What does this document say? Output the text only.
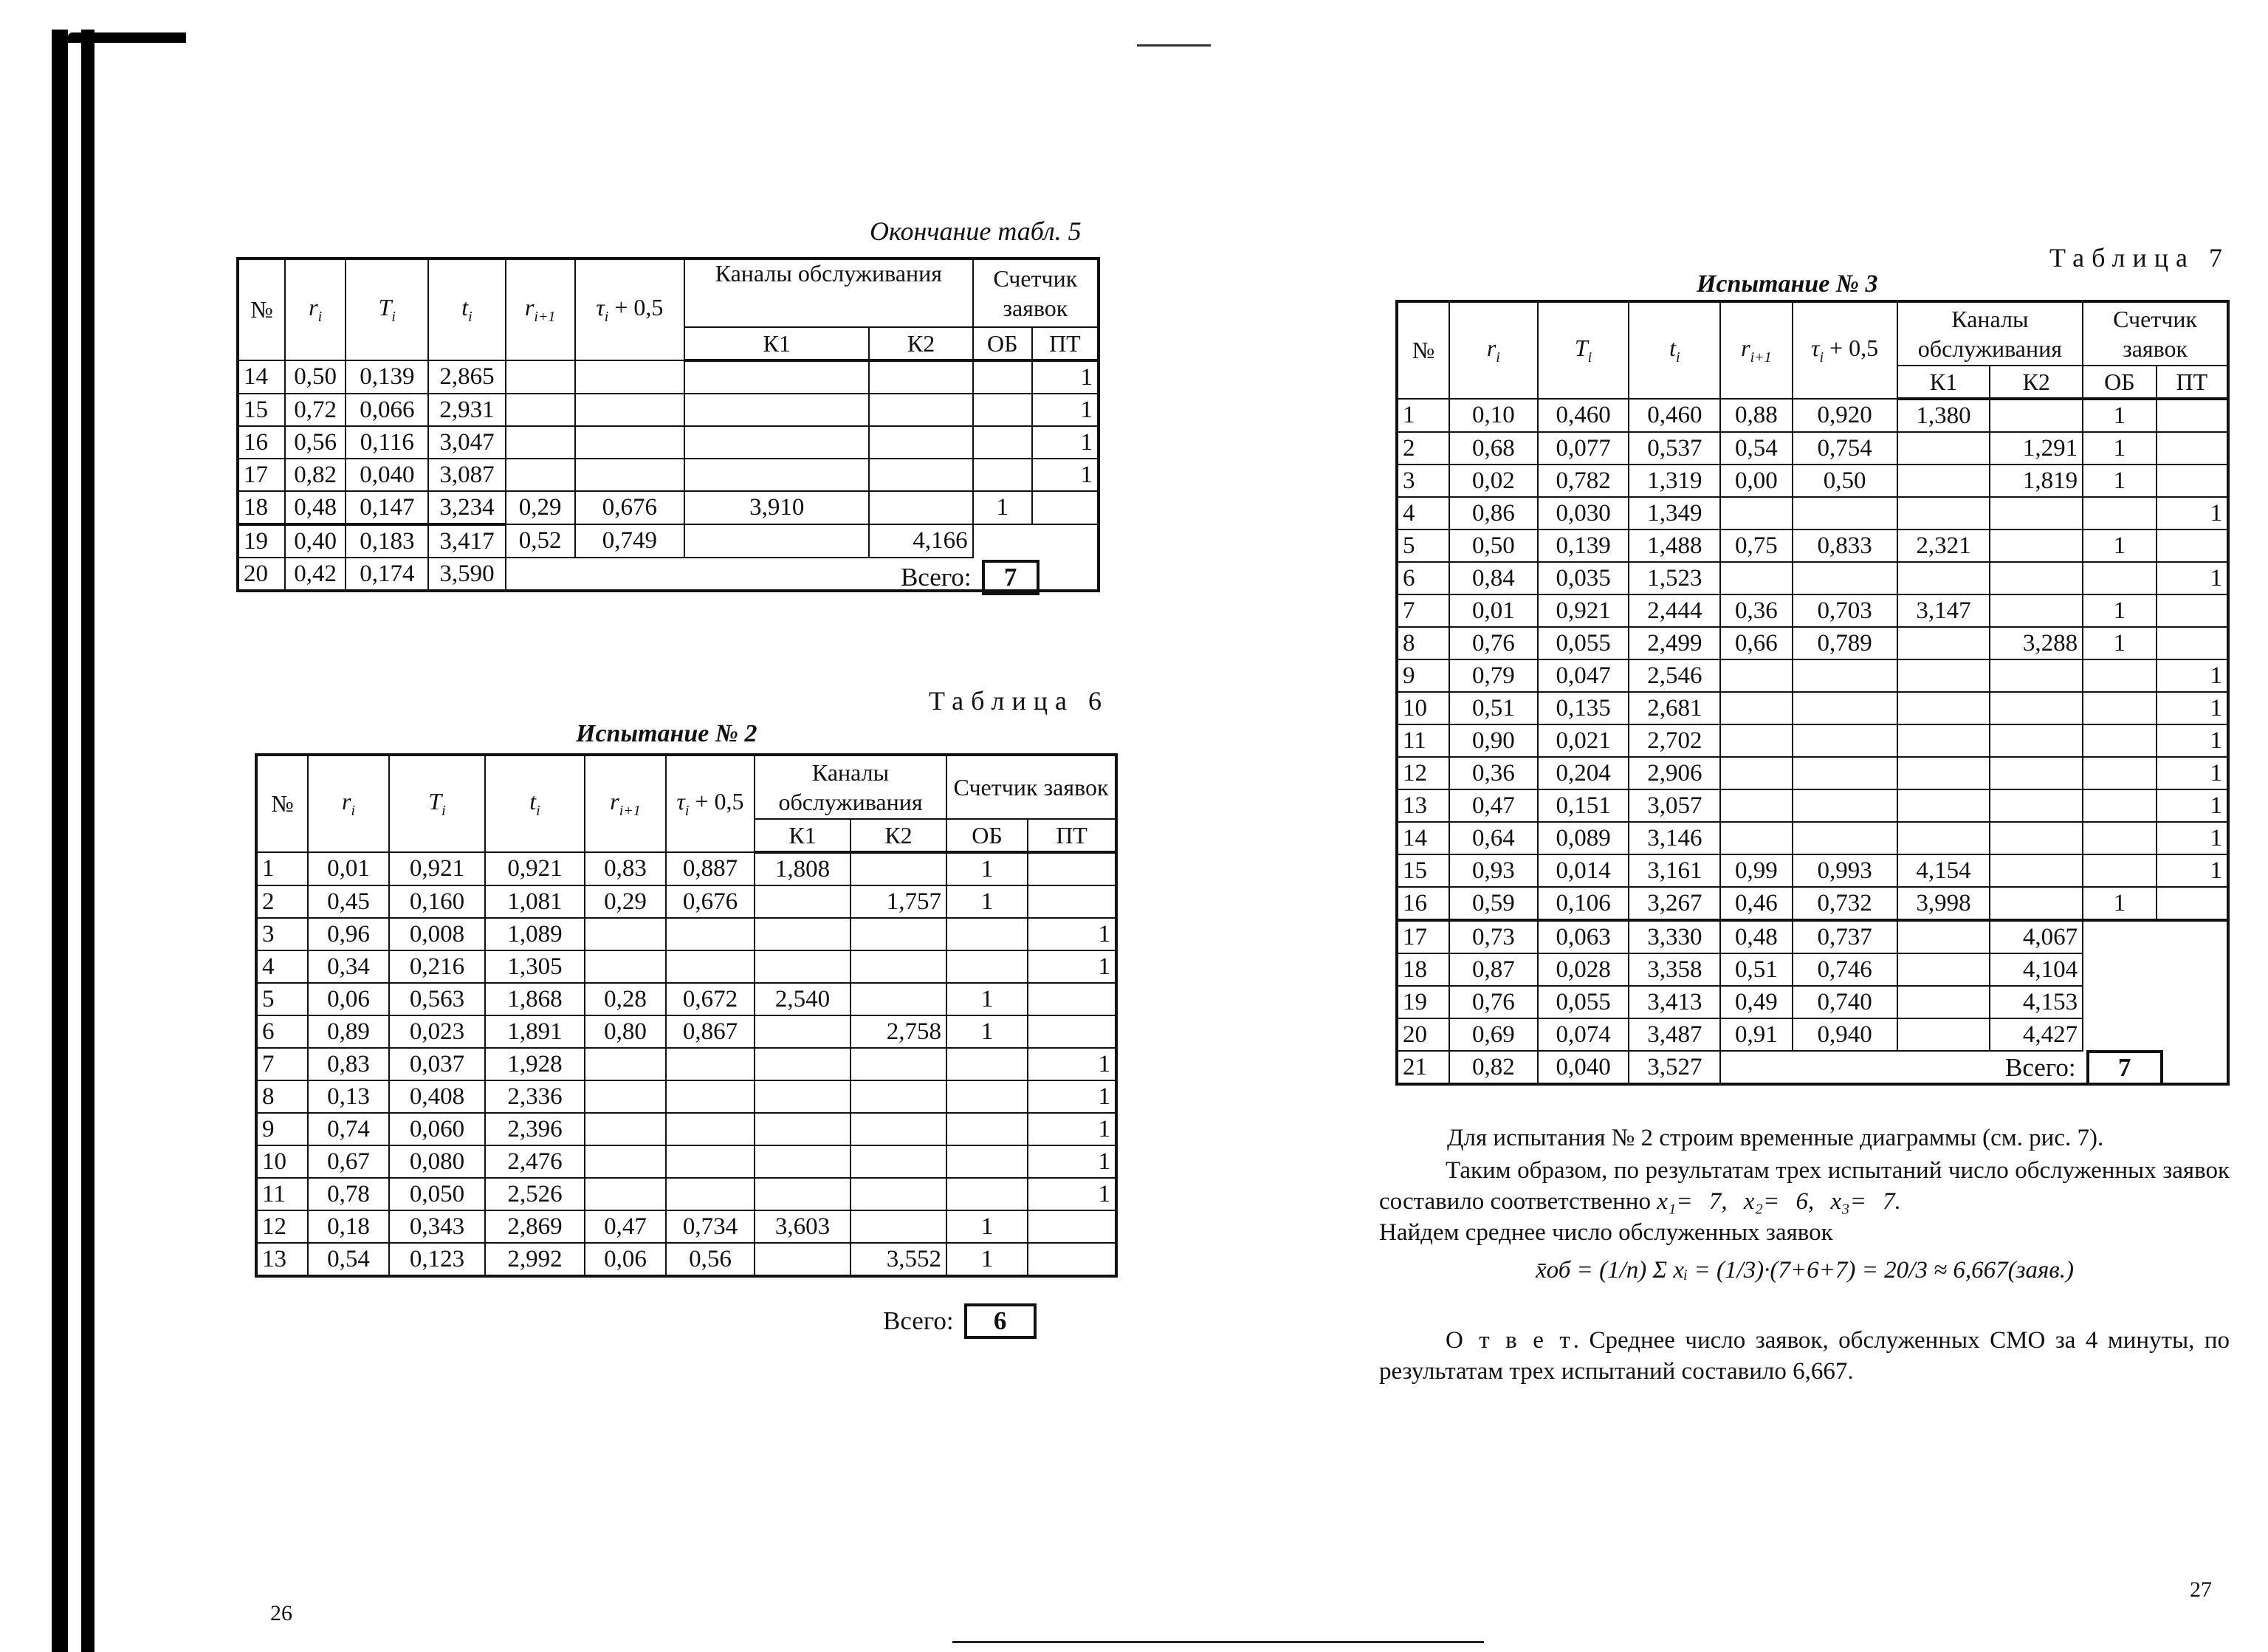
Окончание табл. 5
№	$r_i$	$T_i$	$t_i$	$r_{i+1}$	$\tau_i + 0,5$	Каналы обслуживания		Счетчик заявок	
						К1	К2	ОБ	ПТ
14	0,50	0,139	2,865						1
15	0,72	0,066	2,931						1
16	0,56	0,116	3,047						1
17	0,82	0,040	3,087						1
18	0,48	0,147	3,234	0,29	0,676	3,910		1	
19	0,40	0,183	3,417	0,52	0,749		4,166		
20	0,42	0,174	3,590							Всего:	7
Таблица 6
Испытание № 2
№	$r_i$	$T_i$	$t_i$	$r_{i+1}$	$\tau_i + 0,5$	Каналы обслуживания		Счетчик заявок	
						К1	К2	ОБ	ПТ
1	0,01	0,921	0,921	0,83	0,887	1,808		1	
2	0,45	0,160	1,081	0,29	0,676		1,757	1	
3	0,96	0,008	1,089						1
4	0,34	0,216	1,305						1
5	0,06	0,563	1,868	0,28	0,672	2,540		1	
6	0,89	0,023	1,891	0,80	0,867		2,758	1	
7	0,83	0,037	1,928						1
8	0,13	0,408	2,336						1
9	0,74	0,060	2,396						1
10	0,67	0,080	2,476						1
11	0,78	0,050	2,526						1
12	0,18	0,343	2,869	0,47	0,734	3,603		1	
13	0,54	0,123	2,992	0,06	0,56		3,552	1	
Всего:	6
26
Таблица 7
Испытание № 3
№	$r_i$	$T_i$	$t_i$	$r_{i+1}$	$\tau_i + 0,5$	Каналы обслуживания		Счетчик заявок	
						К1	К2	ОБ	ПТ
1	0,10	0,460	0,460	0,88	0,920	1,380		1	
2	0,68	0,077	0,537	0,54	0,754		1,291	1	
3	0,02	0,782	1,319	0,00	0,50		1,819	1	
4	0,86	0,030	1,349						1
5	0,50	0,139	1,488	0,75	0,833	2,321		1	
6	0,84	0,035	1,523						1
7	0,01	0,921	2,444	0,36	0,703	3,147		1	
8	0,76	0,055	2,499	0,66	0,789		3,288	1	
9	0,79	0,047	2,546						1
10	0,51	0,135	2,681						1
11	0,90	0,021	2,702						1
12	0,36	0,204	2,906						1
13	0,47	0,151	3,057						1
14	0,64	0,089	3,146						1
15	0,93	0,014	3,161	0,99	0,993	4,154			1
16	0,59	0,106	3,267	0,46	0,732	3,998		1	
17	0,73	0,063	3,330	0,48	0,737		4,067		
18	0,87	0,028	3,358	0,51	0,746		4,104		
19	0,76	0,055	3,413	0,49	0,740		4,153		
20	0,69	0,074	3,487	0,91	0,940		4,427		
21	0,82	0,040	3,527							Всего:	7
Для испытания № 2 строим временные диаграммы (см. рис. 7).
Таким образом, по результатам трех испытаний число обслуженных заявок составило соответственно x₁= 7, x₂= 6, x₃= 7.
Найдем среднее число обслуженных заявок
x̄об = (1/n) Σ xᵢ = (1/3)·(7+6+7) = 20/3 ≈ 6,667(заяв.)
О т в е т. Среднее число заявок, обслуженных СМО за 4 минуты, по результатам трех испытаний составило 6,667.
27
